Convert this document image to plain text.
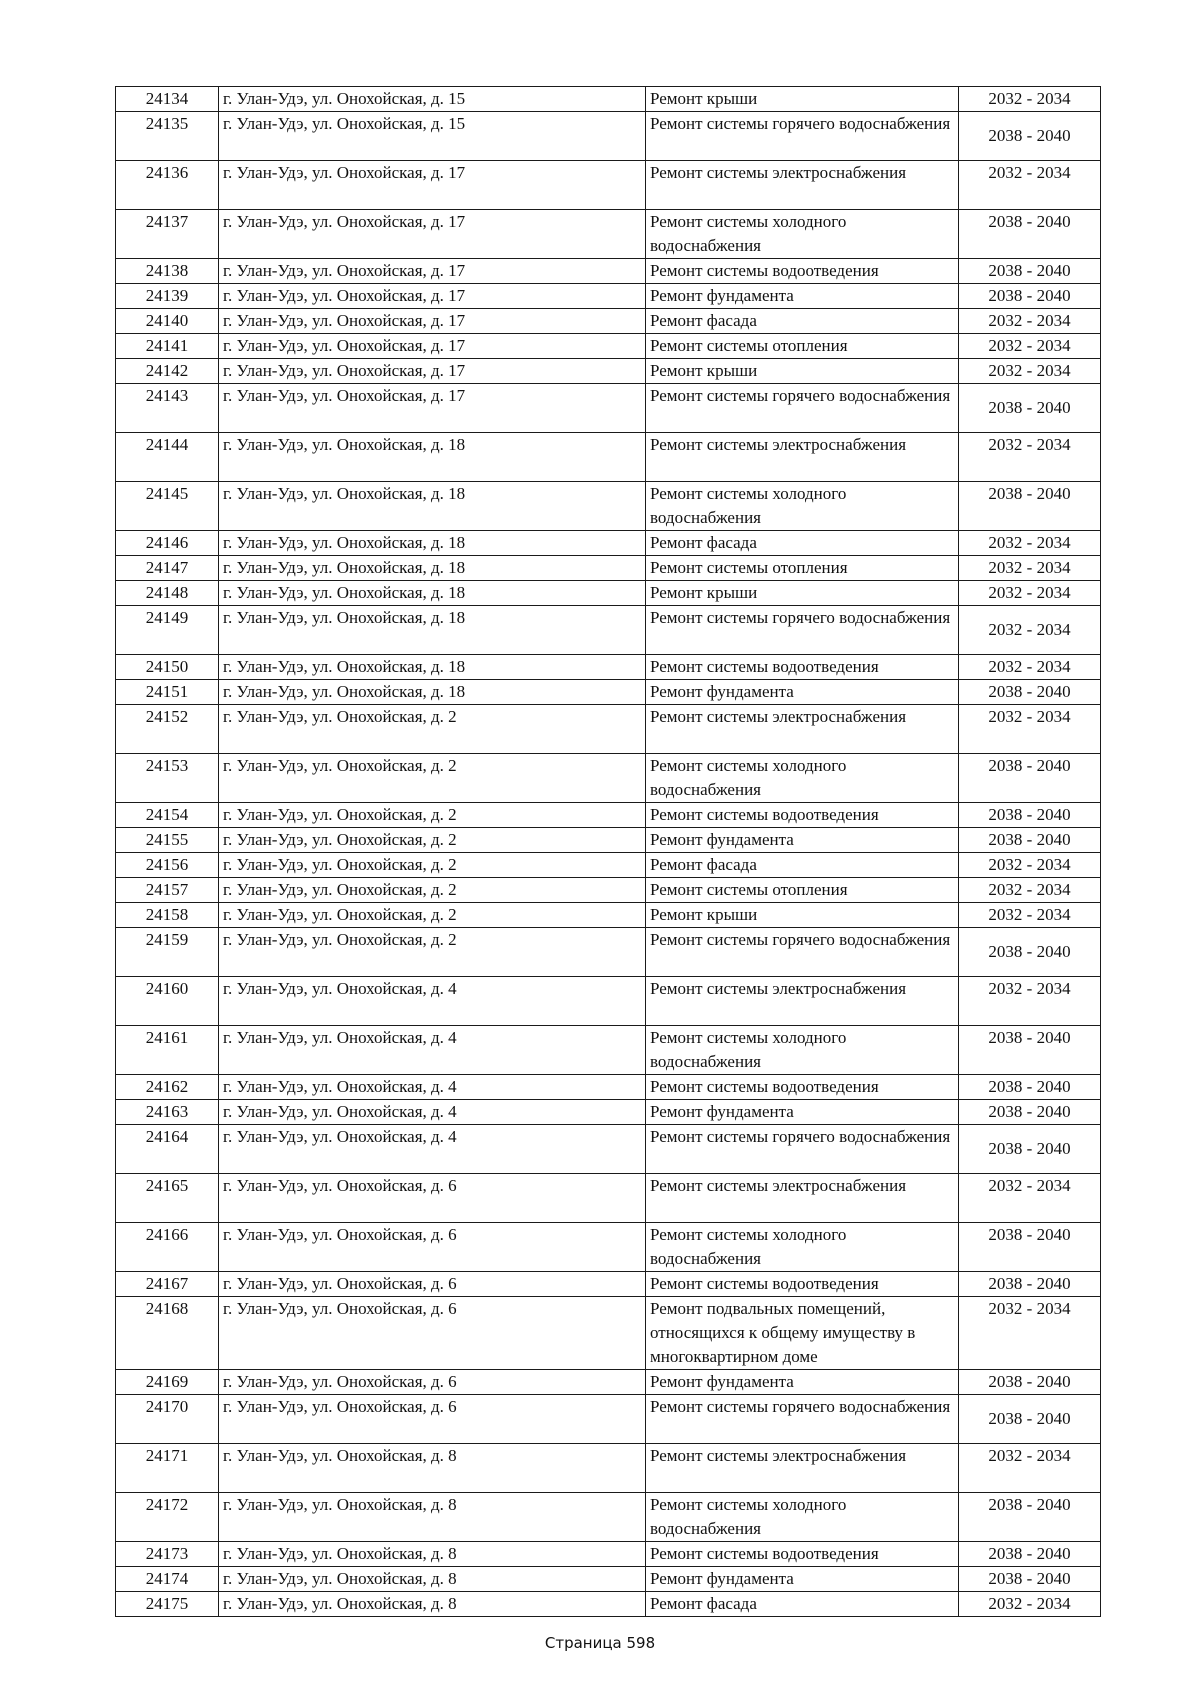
24134	г. Улан-Удэ, ул. Онохойская, д. 15	Ремонт крыши	2032 - 2034
24135	г. Улан-Удэ, ул. Онохойская, д. 15	Ремонт системы горячего водоснабжения	2038 - 2040
24136	г. Улан-Удэ, ул. Онохойская, д. 17	Ремонт системы электроснабжения	2032 - 2034
24137	г. Улан-Удэ, ул. Онохойская, д. 17	Ремонт системы холодного водоснабжения	2038 - 2040
24138	г. Улан-Удэ, ул. Онохойская, д. 17	Ремонт системы водоотведения	2038 - 2040
24139	г. Улан-Удэ, ул. Онохойская, д. 17	Ремонт фундамента	2038 - 2040
24140	г. Улан-Удэ, ул. Онохойская, д. 17	Ремонт фасада	2032 - 2034
24141	г. Улан-Удэ, ул. Онохойская, д. 17	Ремонт системы отопления	2032 - 2034
24142	г. Улан-Удэ, ул. Онохойская, д. 17	Ремонт крыши	2032 - 2034
24143	г. Улан-Удэ, ул. Онохойская, д. 17	Ремонт системы горячего водоснабжения	2038 - 2040
24144	г. Улан-Удэ, ул. Онохойская, д. 18	Ремонт системы электроснабжения	2032 - 2034
24145	г. Улан-Удэ, ул. Онохойская, д. 18	Ремонт системы холодного водоснабжения	2038 - 2040
24146	г. Улан-Удэ, ул. Онохойская, д. 18	Ремонт фасада	2032 - 2034
24147	г. Улан-Удэ, ул. Онохойская, д. 18	Ремонт системы отопления	2032 - 2034
24148	г. Улан-Удэ, ул. Онохойская, д. 18	Ремонт крыши	2032 - 2034
24149	г. Улан-Удэ, ул. Онохойская, д. 18	Ремонт системы горячего водоснабжения	2032 - 2034
24150	г. Улан-Удэ, ул. Онохойская, д. 18	Ремонт системы водоотведения	2032 - 2034
24151	г. Улан-Удэ, ул. Онохойская, д. 18	Ремонт фундамента	2038 - 2040
24152	г. Улан-Удэ, ул. Онохойская, д. 2	Ремонт системы электроснабжения	2032 - 2034
24153	г. Улан-Удэ, ул. Онохойская, д. 2	Ремонт системы холодного водоснабжения	2038 - 2040
24154	г. Улан-Удэ, ул. Онохойская, д. 2	Ремонт системы водоотведения	2038 - 2040
24155	г. Улан-Удэ, ул. Онохойская, д. 2	Ремонт фундамента	2038 - 2040
24156	г. Улан-Удэ, ул. Онохойская, д. 2	Ремонт фасада	2032 - 2034
24157	г. Улан-Удэ, ул. Онохойская, д. 2	Ремонт системы отопления	2032 - 2034
24158	г. Улан-Удэ, ул. Онохойская, д. 2	Ремонт крыши	2032 - 2034
24159	г. Улан-Удэ, ул. Онохойская, д. 2	Ремонт системы горячего водоснабжения	2038 - 2040
24160	г. Улан-Удэ, ул. Онохойская, д. 4	Ремонт системы электроснабжения	2032 - 2034
24161	г. Улан-Удэ, ул. Онохойская, д. 4	Ремонт системы холодного водоснабжения	2038 - 2040
24162	г. Улан-Удэ, ул. Онохойская, д. 4	Ремонт системы водоотведения	2038 - 2040
24163	г. Улан-Удэ, ул. Онохойская, д. 4	Ремонт фундамента	2038 - 2040
24164	г. Улан-Удэ, ул. Онохойская, д. 4	Ремонт системы горячего водоснабжения	2038 - 2040
24165	г. Улан-Удэ, ул. Онохойская, д. 6	Ремонт системы электроснабжения	2032 - 2034
24166	г. Улан-Удэ, ул. Онохойская, д. 6	Ремонт системы холодного водоснабжения	2038 - 2040
24167	г. Улан-Удэ, ул. Онохойская, д. 6	Ремонт системы водоотведения	2038 - 2040
24168	г. Улан-Удэ, ул. Онохойская, д. 6	Ремонт подвальных помещений, относящихся к общему имуществу в многоквартирном доме	2032 - 2034
24169	г. Улан-Удэ, ул. Онохойская, д. 6	Ремонт фундамента	2038 - 2040
24170	г. Улан-Удэ, ул. Онохойская, д. 6	Ремонт системы горячего водоснабжения	2038 - 2040
24171	г. Улан-Удэ, ул. Онохойская, д. 8	Ремонт системы электроснабжения	2032 - 2034
24172	г. Улан-Удэ, ул. Онохойская, д. 8	Ремонт системы холодного водоснабжения	2038 - 2040
24173	г. Улан-Удэ, ул. Онохойская, д. 8	Ремонт системы водоотведения	2038 - 2040
24174	г. Улан-Удэ, ул. Онохойская, д. 8	Ремонт фундамента	2038 - 2040
24175	г. Улан-Удэ, ул. Онохойская, д. 8	Ремонт фасада	2032 - 2034
Страница 598
